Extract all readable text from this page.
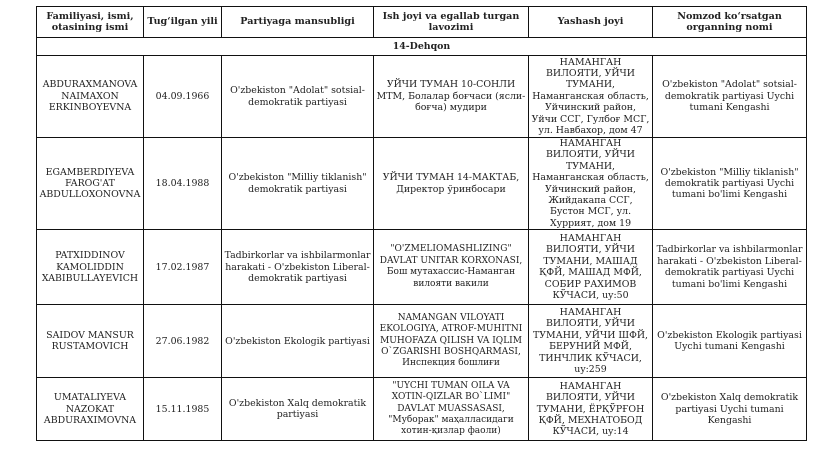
Familiyasi, ismi, otasining ismi	Tug‘ilgan yili	Partiyaga mansubligi	Ish joyi va egallab turgan lavozimi	Yashash joyi	Nomzod ko‘rsatgan organning nomi
14-Dehqon					
ABDURAXMANOVA NAIMAXON ERKINBOYEVNA	04.09.1966	O'zbekiston "Adolat" sotsial-demokratik partiyasi	УЙЧИ ТУМАН 10-СОНЛИ МТМ, Болалар боғчаси (ясли-боғча) мудири	НАМАНГАН ВИЛОЯТИ, УЙЧИ ТУМАНИ, Наманганская область, Уйчинский район, Уйчи ССГ, Гулбоғ МСГ, ул. Навбахор, дом 47	O'zbekiston "Adolat" sotsial-demokratik partiyasi Uychi tumani Kengashi
EGAMBERDIYEVA FAROG'AT ABDULLOXONOVNA	18.04.1988	O'zbekiston "Milliy tiklanish" demokratik partiyasi	УЙЧИ ТУМАН 14-МАКТАБ, Директор ўринбосари	НАМАНГАН ВИЛОЯТИ, УЙЧИ ТУМАНИ, Наманганская область, Уйчинский район, Жийдакапа ССГ, Бустон МСГ, ул. Хуррият, дом 19	O'zbekiston "Milliy tiklanish" demokratik partiyasi Uychi tumani bo'limi Kengashi
PATXIDDINOV KAMOLIDDIN XABIBULLAYEVICH	17.02.1987	Tadbirkorlar va ishbilarmonlar harakati - O'zbekiston Liberal-demokratik partiyasi	"O'ZMELIOMASHLIZING" DAVLAT UNITAR KORXONASI, Бош мутахассис-Наманган вилояти вакили	НАМАНГАН ВИЛОЯТИ, УЙЧИ ТУМАНИ, МАШАД ҚФЙ, МАШАД МФЙ, СОБИР РАХИМОВ КЎЧАСИ, uy:50	Tadbirkorlar va ishbilarmonlar harakati - O'zbekiston Liberal-demokratik partiyasi Uychi tumani bo'limi Kengashi
SAIDOV MANSUR RUSTAMOVICH	27.06.1982	O'zbekiston Ekologik partiyasi	NAMANGAN VILOYATI EKOLOGIYA, ATROF-MUHITNI MUHOFAZA QILISH VA IQLIM O`ZGARISHI BOSHQARMASI, Инспекция бошлиғи	НАМАНГАН ВИЛОЯТИ, УЙЧИ ТУМАНИ, УЙЧИ ШФЙ, БЕРУНИЙ МФЙ, ТИНЧЛИК КЎЧАСИ, uy:259	O'zbekiston Ekologik partiyasi Uychi tumani Kengashi
UMATALIYEVA NAZOKAT ABDURAXIMOVNA	15.11.1985	O'zbekiston Xalq demokratik partiyasi	"UYCHI TUMAN OILA VA XOTIN-QIZLAR BO`LIMI" DAVLAT MUASSASASI, "Муборак" маҳалласидаги хотин-қизлар фаоли)	НАМАНГАН ВИЛОЯТИ, УЙЧИ ТУМАНИ, ЁРҚЎРҒОН ҚФЙ, МЕХНАТОБОД КЎЧАСИ, uy:14	O'zbekiston Xalq demokratik partiyasi Uychi tumani Kengashi
